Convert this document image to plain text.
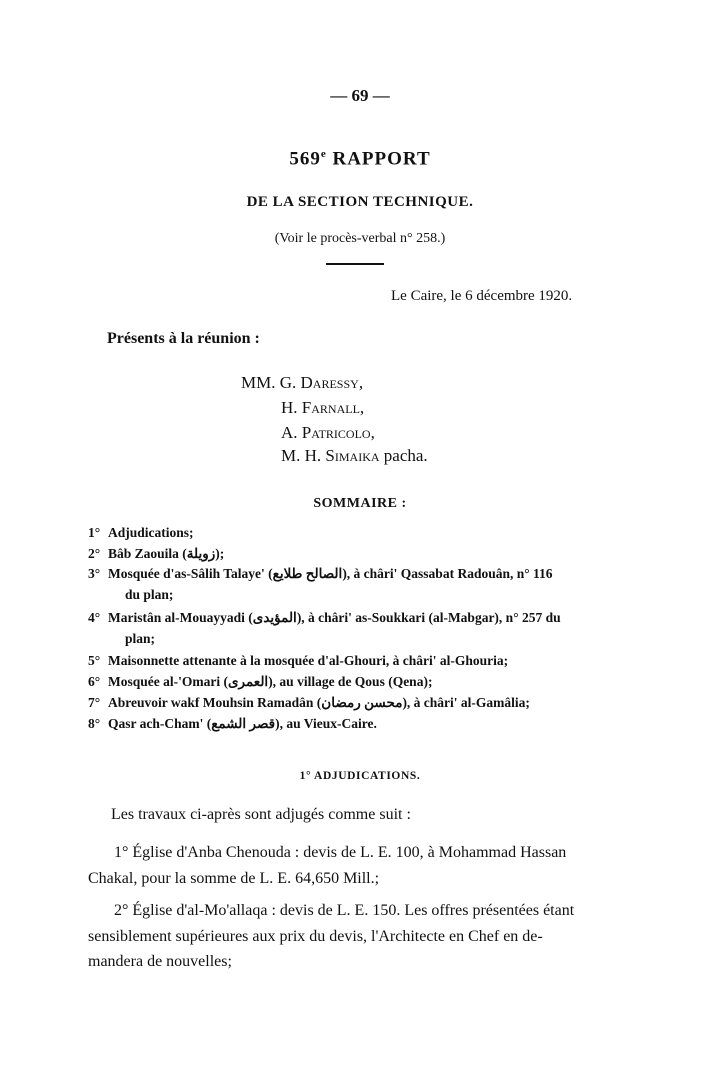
— 69 —
569e RAPPORT
DE LA SECTION TECHNIQUE.
(Voir le procès-verbal n° 258.)
Le Caire, le 6 décembre 1920.
Présents à la réunion :
MM. G. Daressy,
H. Farnall,
A. Patricolo,
M. H. Simaika pacha.
SOMMAIRE :
1° Adjudications;
2° Bâb Zaouila (زويلة);
3° Mosquée d'as-Sâlih Talaye' (الصالح طلايع), à châri' Qassabat Radouân, n° 116
du plan;
4° Maristân al-Mouayyadi (المؤيدى), à châri' as-Soukkari (al-Mabgar), n° 257 du
plan;
5° Maisonnette attenante à la mosquée d'al-Ghouri, à châri' al-Ghouria;
6° Mosquée al-'Omari (العمرى), au village de Qous (Qena);
7° Abreuvoir wakf Mouhsin Ramadân (محسن رمضان), à châri' al-Gamâlia;
8° Qasr ach-Cham' (قصر الشمع), au Vieux-Caire.
1° ADJUDICATIONS.
Les travaux ci-après sont adjugés comme suit :
1° Église d'Anba Chenouda : devis de L. E. 100, à Mohammad Hassan
Chakal, pour la somme de L. E. 64,650 Mill.;
2° Église d'al-Mo'allaqa : devis de L. E. 150. Les offres présentées étant
sensiblement supérieures aux prix du devis, l'Architecte en Chef en de-
mandera de nouvelles;
